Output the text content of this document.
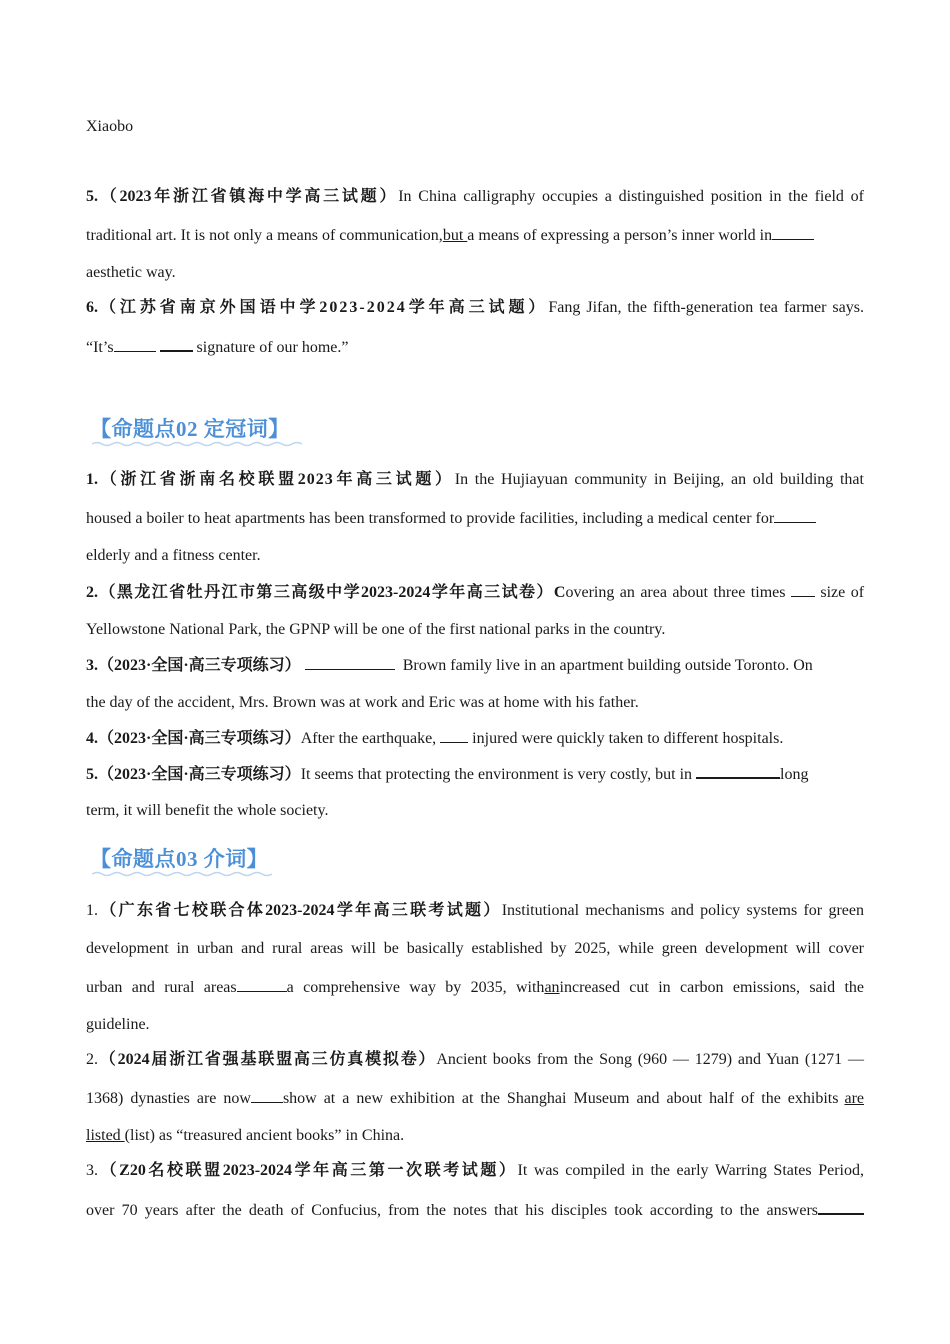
Xiaobo
5.（2023年浙江省镇海中学高三试题）In China calligraphy occupies a distinguished position in the field of
traditional art. It is not only a means of communication,but a means of expressing a person’s inner world in
aesthetic way.
6.（江苏省南京外国语中学2023-2024学年高三试题）Fang Jifan, the fifth-generation tea farmer says.
“It’s	signature of our home.”
【命题点02 定冠词】
1.（浙江省浙南名校联盟2023年高三试题）In the Hujiayuan community in Beijing, an old building that
housed a boiler to heat apartments has been transformed to provide facilities, including a medical center for
elderly and a fitness center.
2.（黑龙江省牡丹江市第三高级中学2023-2024学年高三试卷）Covering an area about three times size of
Yellowstone National Park, the GPNP will be one of the first national parks in the country.
3.（2023·全国·高三专项练习）	Brown family live in an apartment building outside Toronto. On
the day of the accident, Mrs. Brown was at work and Eric was at home with his father.
4.（2023·全国·高三专项练习）After the earthquake, injured were quickly taken to different hospitals.
5.（2023·全国·高三专项练习）It seems that protecting the environment is very costly, but in	long
term, it will benefit the whole society.
【命题点03 介词】
1.（广东省七校联合体2023-2024学年高三联考试题）Institutional mechanisms and policy systems for green
development in urban and rural areas will be basically established by 2025, while green development will cover
urban and rural areas	a comprehensive way by 2035, withanincreased cut in carbon emissions, said the
guideline.
2.（2024届浙江省强基联盟高三仿真模拟卷）Ancient books from the Song (960 — 1279) and Yuan (1271 —
1368) dynasties are now show at a new exhibition at the Shanghai Museum and about half of the exhibits are
listed (list) as “treasured ancient books” in China.
3.（Z20名校联盟2023-2024学年高三第一次联考试题）It was compiled in the early Warring States Period,
over 70 years after the death of Confucius, from the notes that his disciples took according to the answers
